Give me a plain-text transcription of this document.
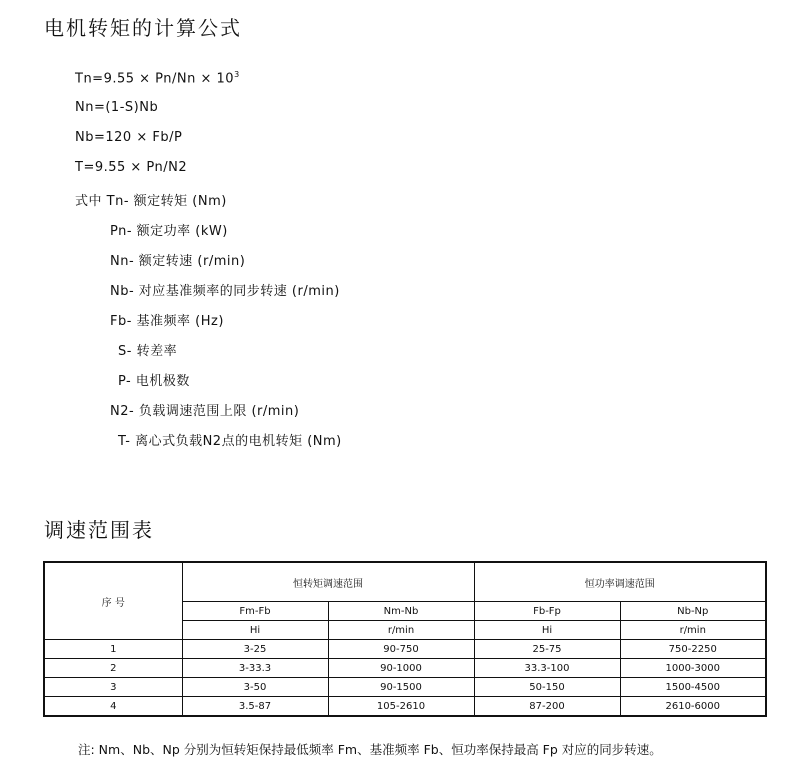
电机转矩的计算公式
$Tn=9.55 \times Pn/Nn \times 10^3$
Nn=(1-S)Nb
Nb=120 × Fb/P
T=9.55 × Pn/N2
式中 Tn- 额定转矩 (Nm)
Pn- 额定功率 (kW)
Nn- 额定转速 (r/min)
Nb- 对应基准频率的同步转速 (r/min)
Fb- 基准频率 (Hz)
S- 转差率
P- 电机极数
N2- 负载调速范围上限 (r/min)
T- 离心式负载N2点的电机转矩 (Nm)
调速范围表
序 号	恒转矩调速范围		恒功率调速范围	
	Fm-Fb	Nm-Nb	Fb-Fp	Nb-Np
	Hi	r/min	Hi	r/min
1	3-25	90-750	25-75	750-2250
2	3-33.3	90-1000	33.3-100	1000-3000
3	3-50	90-1500	50-150	1500-4500
4	3.5-87	105-2610	87-200	2610-6000
注: Nm、Nb、Np 分别为恒转矩保持最低频率 Fm、基准频率 Fb、恒功率保持最高 Fp 对应的同步转速。
